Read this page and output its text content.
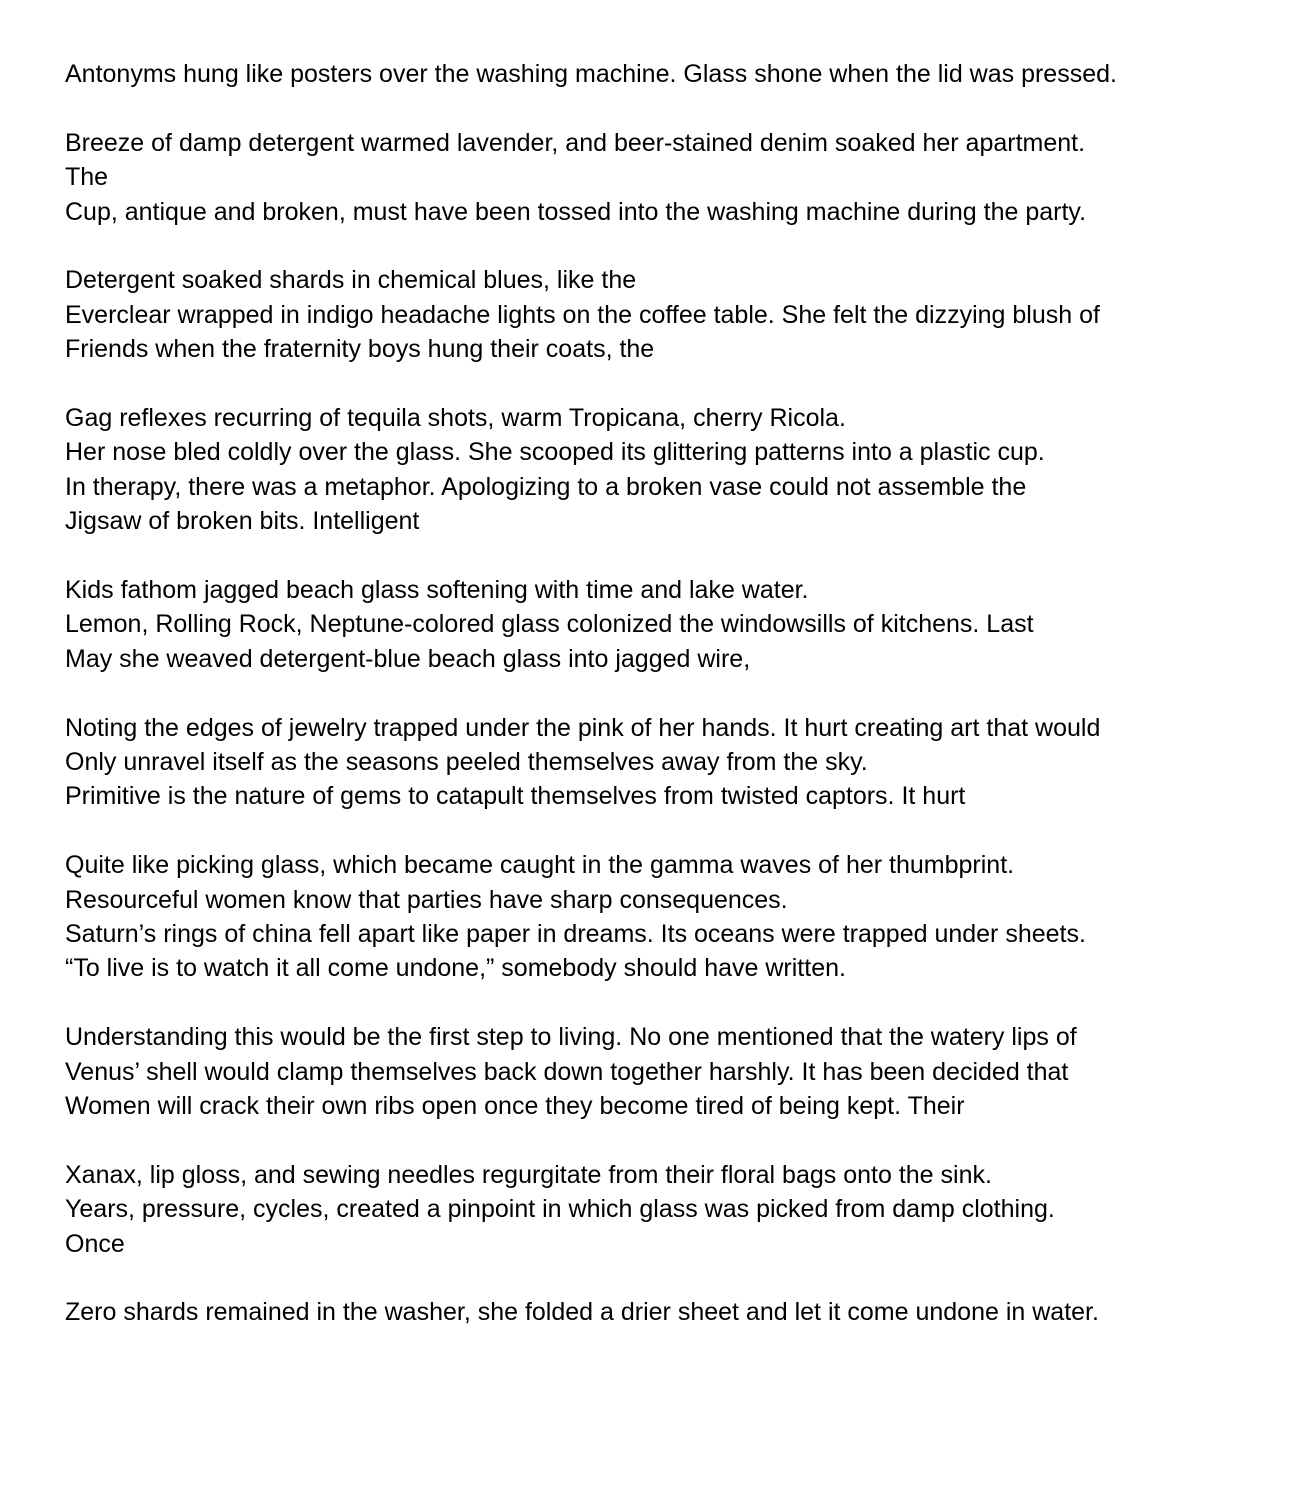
Antonyms hung like posters over the washing machine. Glass shone when the lid was pressed.
Breeze of damp detergent warmed lavender, and beer-stained denim soaked her apartment.
The
Cup, antique and broken, must have been tossed into the washing machine during the party.
Detergent soaked shards in chemical blues, like the
Everclear wrapped in indigo headache lights on the coffee table. She felt the dizzying blush of
Friends when the fraternity boys hung their coats, the
Gag reflexes recurring of tequila shots, warm Tropicana, cherry Ricola.
Her nose bled coldly over the glass. She scooped its glittering patterns into a plastic cup.
In therapy, there was a metaphor. Apologizing to a broken vase could not assemble the
Jigsaw of broken bits. Intelligent
Kids fathom jagged beach glass softening with time and lake water.
Lemon, Rolling Rock, Neptune-colored glass colonized the windowsills of kitchens. Last
May she weaved detergent-blue beach glass into jagged wire,
Noting the edges of jewelry trapped under the pink of her hands. It hurt creating art that would
Only unravel itself as the seasons peeled themselves away from the sky.
Primitive is the nature of gems to catapult themselves from twisted captors. It hurt
Quite like picking glass, which became caught in the gamma waves of her thumbprint.
Resourceful women know that parties have sharp consequences.
Saturn’s rings of china fell apart like paper in dreams. Its oceans were trapped under sheets.
“To live is to watch it all come undone,” somebody should have written.
Understanding this would be the first step to living. No one mentioned that the watery lips of
Venus’ shell would clamp themselves back down together harshly. It has been decided that
Women will crack their own ribs open once they become tired of being kept. Their
Xanax, lip gloss, and sewing needles regurgitate from their floral bags onto the sink.
Years, pressure, cycles, created a pinpoint in which glass was picked from damp clothing.
Once
Zero shards remained in the washer, she folded a drier sheet and let it come undone in water.
